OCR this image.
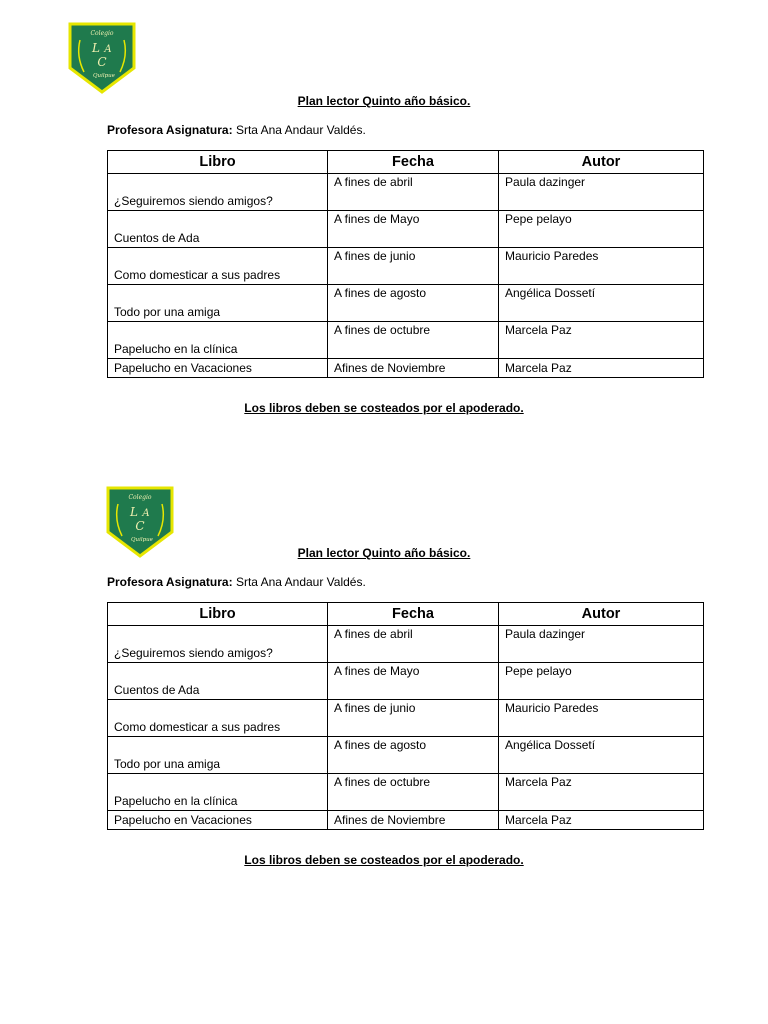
Colegio
L A
C
Quilpue
Plan lector Quinto año básico.
Profesora Asignatura: Srta Ana Andaur Valdés.
Libro	Fecha	Autor
¿Seguiremos siendo amigos?	A fines de abril	Paula dazinger
Cuentos de Ada	A fines de Mayo	Pepe pelayo
Como domesticar a sus padres	A fines de junio	Mauricio Paredes
Todo por una amiga	A fines de agosto	Angélica Dossetí
Papelucho en la clínica	A fines de octubre	Marcela Paz
Papelucho en Vacaciones	Afines de Noviembre	Marcela Paz
Los libros deben se costeados por el apoderado.
Colegio
L A
C
Quilpue
Plan lector Quinto año básico.
Profesora Asignatura: Srta Ana Andaur Valdés.
Libro	Fecha	Autor
¿Seguiremos siendo amigos?	A fines de abril	Paula dazinger
Cuentos de Ada	A fines de Mayo	Pepe pelayo
Como domesticar a sus padres	A fines de junio	Mauricio Paredes
Todo por una amiga	A fines de agosto	Angélica Dossetí
Papelucho en la clínica	A fines de octubre	Marcela Paz
Papelucho en Vacaciones	Afines de Noviembre	Marcela Paz
Los libros deben se costeados por el apoderado.
